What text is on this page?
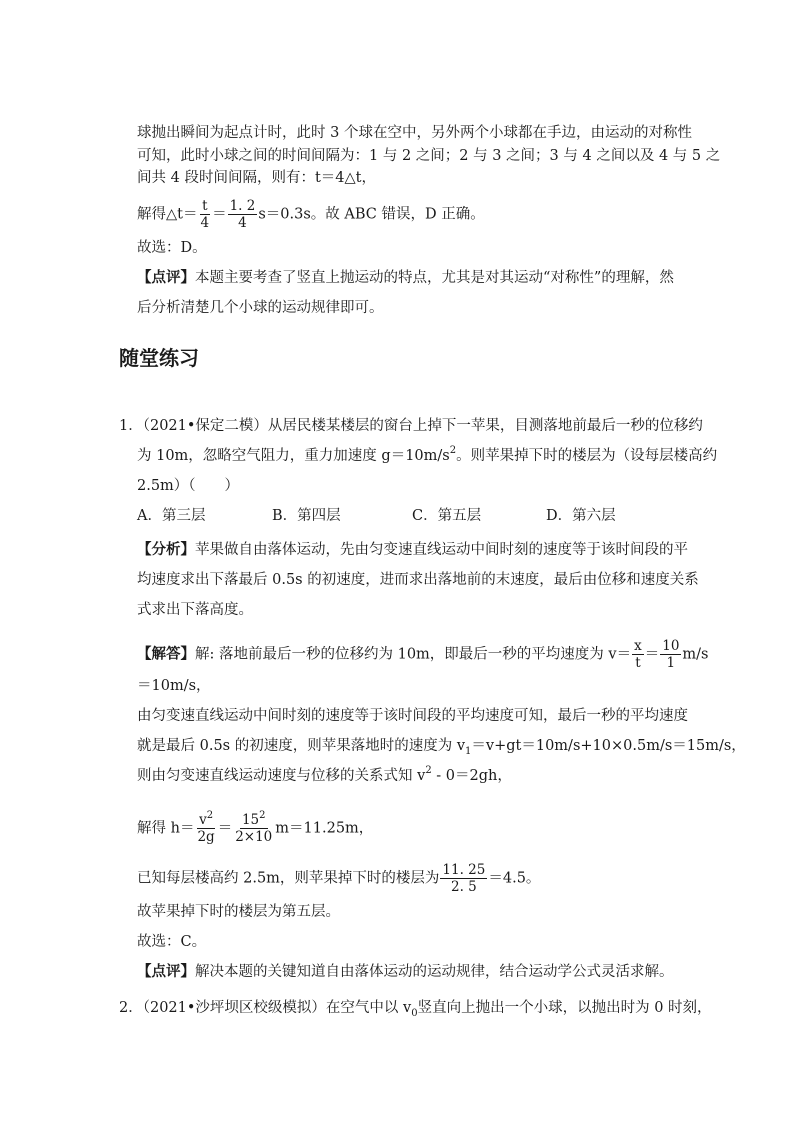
球抛出瞬间为起点计时，此时 3 个球在空中，另外两个小球都在手边，由运动的对称性
可知，此时小球之间的时间间隔为：1 与 2 之间；2 与 3 之间；3 与 4 之间以及 4 与 5 之
间共 4 段时间间隔，则有：t＝4△t，
解得△t＝ $\frac{t}{4} = \frac{1. 2}{4} s=0.3s$。故 ABC 错误，D 正确。
故选：D。
【点评】本题主要考查了竖直上抛运动的特点，尤其是对其运动“对称性”的理解，然
后分析清楚几个小球的运动规律即可。
随堂练习
1．（2021•保定二模）从居民楼某楼层的窗台上掉下一苹果，目测落地前最后一秒的位移约
为 10m，忽略空气阻力，重力加速度 $g=10m/s^2$。则苹果掉下时的楼层为（设每层楼高约
2.5m）（　　）
A．第三层	B．第四层	C．第五层	D．第六层
【分析】苹果做自由落体运动，先由匀变速直线运动中间时刻的速度等于该时间段的平
均速度求出下落最后 0.5s 的初速度，进而求出落地前的末速度，最后由位移和速度关系
式求出下落高度。
【解答】解: 落地前最后一秒的位移约为 10m，即最后一秒的平均速度为 $v= \frac{x}{t} = \frac{10}{1} m/s$
＝10m/s，
由匀变速直线运动中间时刻的速度等于该时间段的平均速度可知，最后一秒的平均速度
就是最后 0.5s 的初速度，则苹果落地时的速度为 $v_1=v+gt=10m/s+10\times 0.5m/s=15m/s$，
则由匀变速直线运动速度与位移的关系式知 $v^2 - 0=2gh$，
解得 $h= \frac{v^2}{2g} = \frac{15^2}{2\times 10} m=11.25m$，
已知每层楼高约 2.5m，则苹果掉下时的楼层为 $\frac{11. 25}{2. 5} =4.5$。
故苹果掉下时的楼层为第五层。
故选：C。
【点评】解决本题的关键知道自由落体运动的运动规律，结合运动学公式灵活求解。
2．（2021•沙坪坝区校级模拟）在空气中以 $v_0$竖直向上抛出一个小球，以抛出时为 0 时刻，
